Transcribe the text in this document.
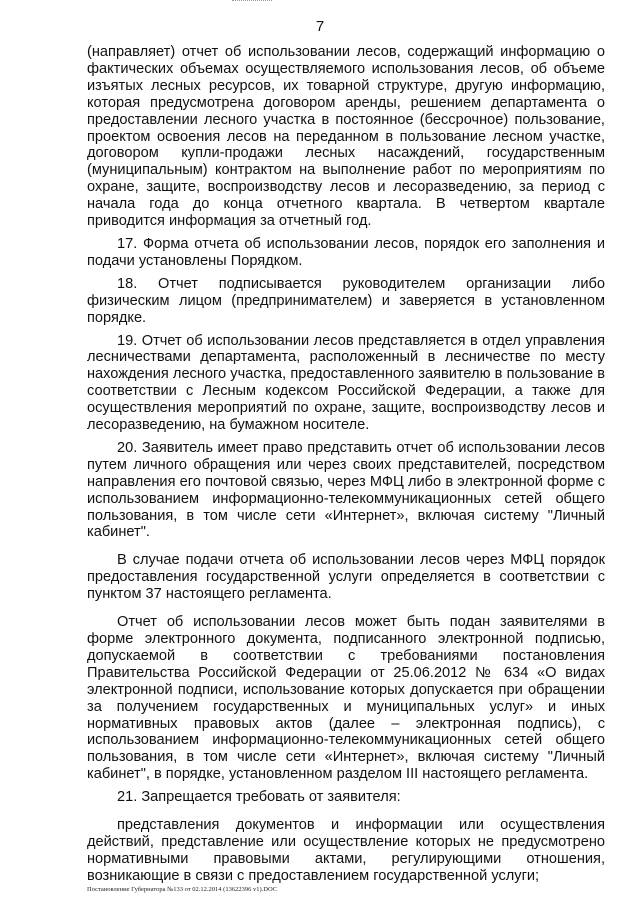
7

(направляет) отчет об использовании лесов, содержащий информацию о фактических объемах осуществляемого использования лесов, об объеме изъятых лесных ресурсов, их товарной структуре, другую информацию, которая предусмотрена договором аренды, решением департамента о предоставлении лесного участка в постоянное (бессрочное) пользование, проектом освоения лесов на переданном в пользование лесном участке, договором купли-продажи лесных насаждений, государственным (муниципальным) контрактом на выполнение работ по мероприятиям по охране, защите, воспроизводству лесов и лесоразведению, за период с начала года до конца отчетного квартала. В четвертом квартале приводится информация за отчетный год.

17. Форма отчета об использовании лесов, порядок его заполнения и подачи установлены Порядком.

18. Отчет подписывается руководителем организации либо физическим лицом (предпринимателем) и заверяется в установленном порядке.

19. Отчет об использовании лесов представляется в отдел управления лесничествами департамента, расположенный в лесничестве по месту нахождения лесного участка, предоставленного заявителю в пользование в соответствии с Лесным кодексом Российской Федерации, а также для осуществления мероприятий по охране, защите, воспроизводству лесов и лесоразведению, на бумажном носителе.

20. Заявитель имеет право представить отчет об использовании лесов путем личного обращения или через своих представителей, посредством направления его почтовой связью, через МФЦ либо в электронной форме с использованием информационно-телекоммуникационных сетей общего пользования, в том числе сети «Интернет», включая систему "Личный кабинет".

В случае подачи отчета об использовании лесов через МФЦ порядок предоставления государственной услуги определяется в соответствии с пунктом 37 настоящего регламента.

Отчет об использовании лесов может быть подан заявителями в форме электронного документа, подписанного электронной подписью, допускаемой в соответствии с требованиями постановления Правительства Российской Федерации от 25.06.2012 № 634 «О видах электронной подписи, использование которых допускается при обращении за получением государственных и муниципальных услуг» и иных нормативных правовых актов (далее – электронная подпись), с использованием информационно-телекоммуникационных сетей общего пользования, в том числе сети «Интернет», включая систему "Личный кабинет", в порядке, установленном разделом III настоящего регламента.

21. Запрещается требовать от заявителя:

представления документов и информации или осуществления действий, представление или осуществление которых не предусмотрено нормативными правовыми актами, регулирующими отношения, возникающие в связи с предоставлением государственной услуги;

Постановление Губернатора №133 от 02.12.2014 (13622396 v1).DOC
